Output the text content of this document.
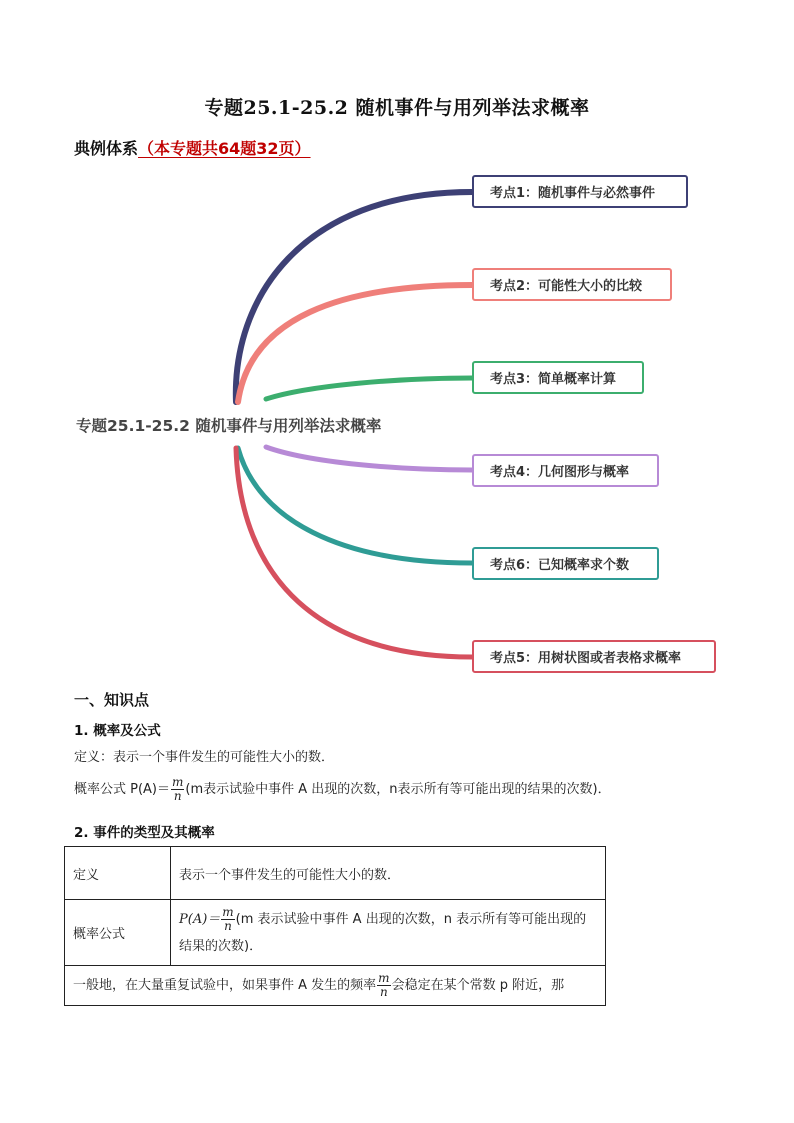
专题25.1-25.2 随机事件与用列举法求概率
典例体系（本专题共64题32页）
专题25.1-25.2 随机事件与用列举法求概率
考点1：随机事件与必然事件
考点2：可能性大小的比较
考点3：简单概率计算
考点4：几何图形与概率
考点6：已知概率求个数
考点5：用树状图或者表格求概率
一、知识点
1. 概率及公式
定义：表示一个事件发生的可能性大小的数．
概率公式 $P(A)= \frac{m}{n} (m$表示试验中事件 A 出现的次数，n表示所有等可能出现的结果的次数)．
2. 事件的类型及其概率
定义	表示一个事件发生的可能性大小的数．
概率公式	$P(A)= \frac{m}{n} (m$ 表示试验中事件 A 出现的次数，n 表示所有等可能出现的
结果的次数)．
一般地，在大量重复试验中，如果事件 A 发生的频率 $\frac{m}{n}$ 会稳定在某个常数 p 附近，那	
